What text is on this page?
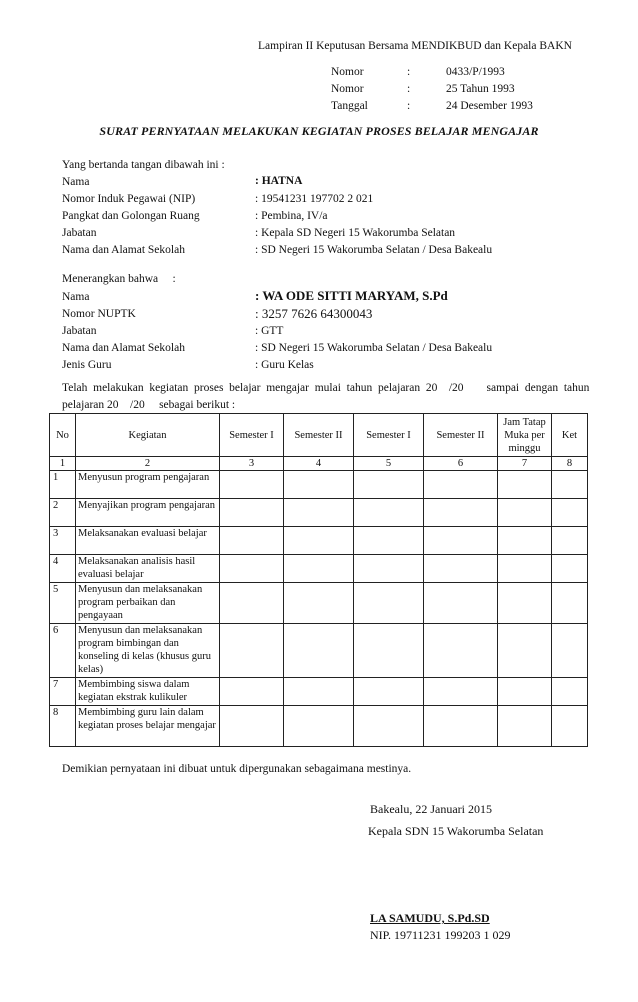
Lampiran II Keputusan Bersama MENDIKBUD dan Kepala BAKN
Nomor	:	0433/P/1993
Nomor	:	25 Tahun 1993
Tanggal	:	24 Desember 1993
SURAT PERNYATAAN MELAKUKAN KEGIATAN PROSES BELAJAR MENGAJAR
Yang bertanda tangan dibawah ini :
Nama	: HATNA
Nomor Induk Pegawai (NIP)	: 19541231 197702 2 021
Pangkat dan Golongan Ruang	: Pembina, IV/a
Jabatan	: Kepala SD Negeri 15 Wakorumba Selatan
Nama dan Alamat Sekolah	: SD Negeri 15 Wakorumba Selatan / Desa Bakealu
Menerangkan bahwa     :
Nama	: WA ODE SITTI MARYAM, S.Pd
Nomor NUPTK	: 3257 7626 64300043
Jabatan	: GTT
Nama dan Alamat Sekolah	: SD Negeri 15 Wakorumba Selatan / Desa Bakealu
Jenis Guru	: Guru Kelas
Telah  melakukan  kegiatan  proses  belajar  mengajar  mulai  tahun  pelajaran  20    /20        sampai  dengan  tahun
pelajaran 20    /20     sebagai berikut :
No	Kegiatan	Semester I	Semester II	Semester I	Semester II	Jam Tatap Muka per minggu	Ket
1	2	3	4	5	6	7	8
1	Menyusun program pengajaran						
2	Menyajikan program pengajaran						
3	Melaksanakan evaluasi belajar						
4	Melaksanakan analisis hasil evaluasi belajar						
5	Menyusun dan melaksanakan program perbaikan dan pengayaan						
6	Menyusun dan melaksanakan program bimbingan dan konseling di kelas (khusus guru kelas)						
7	Membimbing siswa dalam kegiatan ekstrak kulikuler						
8	Membimbing guru lain dalam kegiatan proses belajar mengajar						
Demikian pernyataan ini dibuat untuk dipergunakan sebagaimana mestinya.
Bakealu, 22 Januari 2015
Kepala SDN 15 Wakorumba Selatan
LA SAMUDU, S.Pd.SD
NIP. 19711231 199203 1 029
